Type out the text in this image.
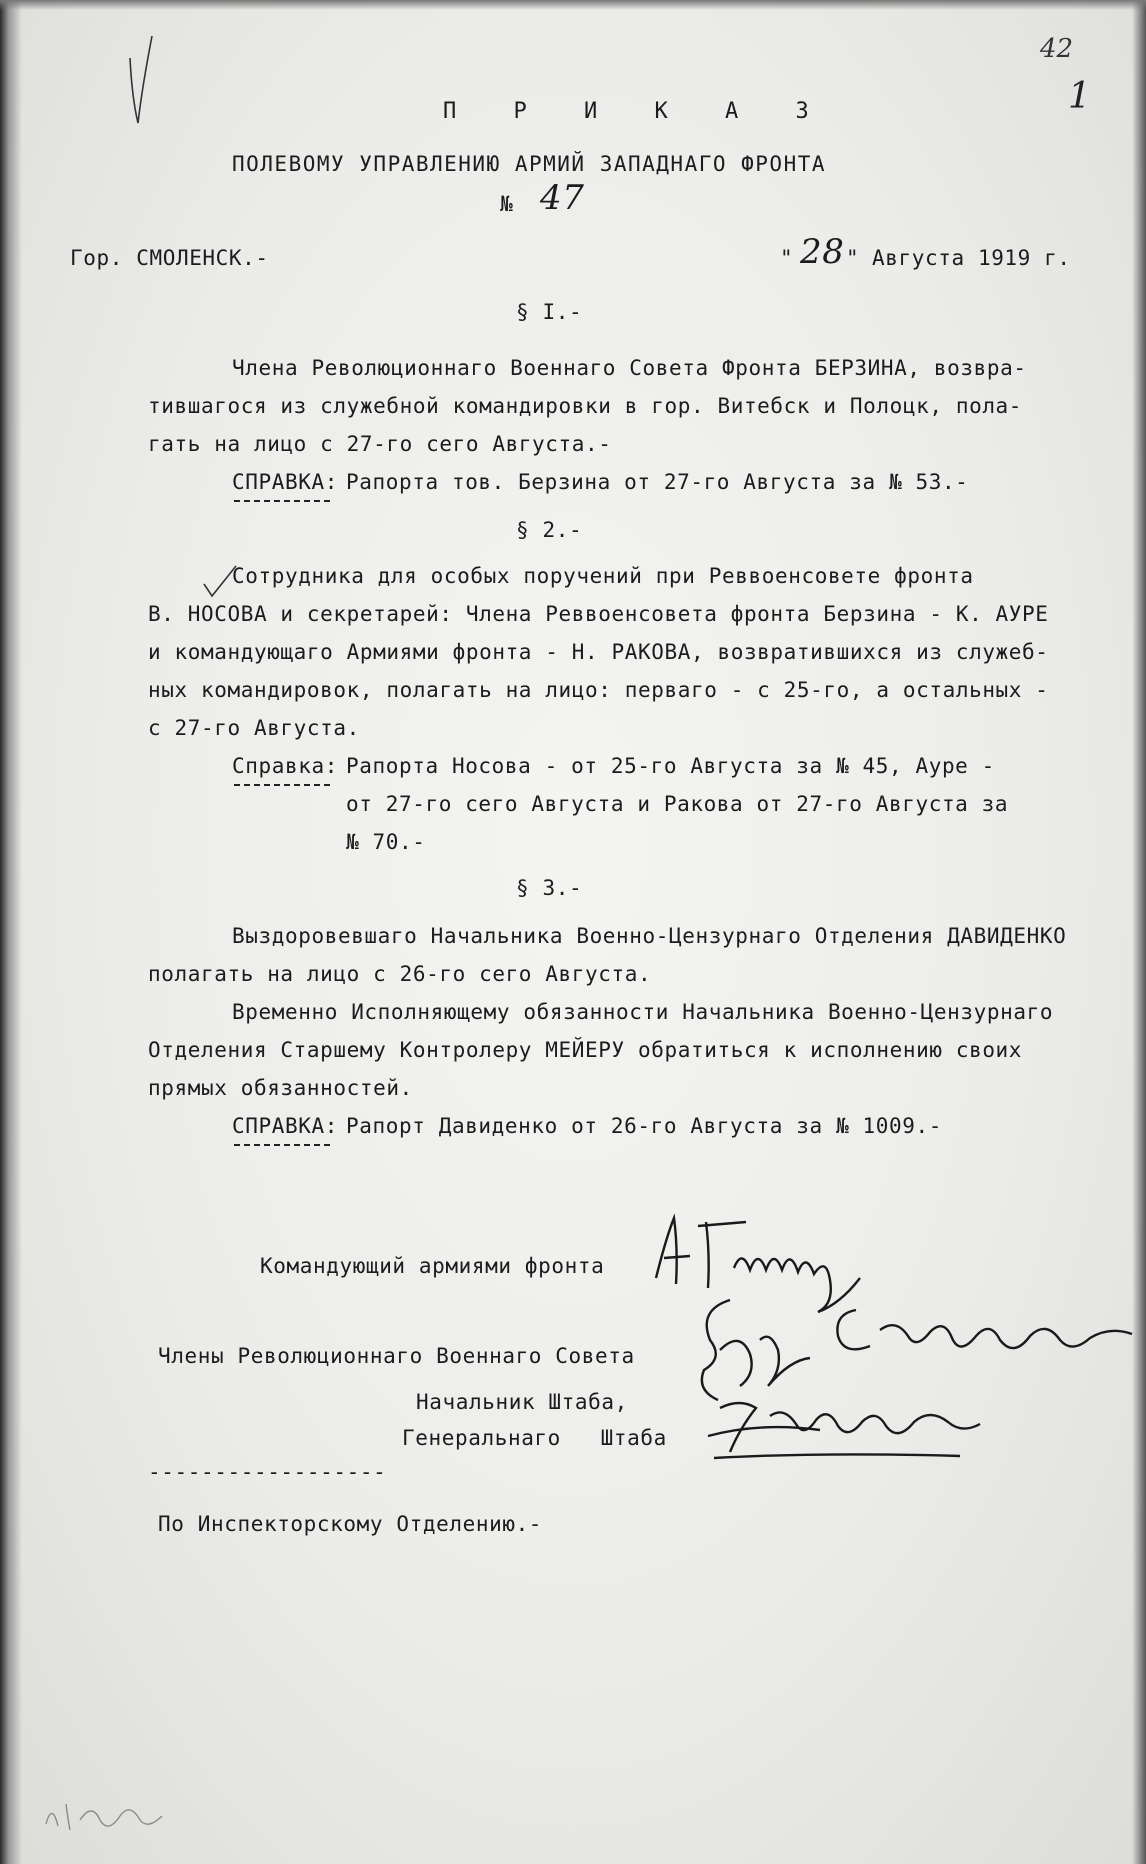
42
1
П Р И К А З
ПОЛЕВОМУ УПРАВЛЕНИЮ АРМИЙ ЗАПАДНАГО ФРОНТА
№ 47
Гор. СМОЛЕНСК.-	" 28 " Августа 1919 г.
§ I.-
Члена Революционнаго Военнаго Совета Фронта БЕРЗИНА, возвра-
тившагося из служебной командировки в гор. Витебск и Полоцк, пола-
гать на лицо с 27-го сего Августа.-
СПРАВКА: Рапорта тов. Берзина от 27-го Августа за № 53.-
§ 2.-
Сотрудника для особых поручений при Реввоенсовете фронта
В. НОСОВА и секретарей: Члена Реввоенсовета фронта Берзина - К. АУРЕ
и командующаго Армиями фронта - Н. РАКОВА, возвратившихся из служеб-
ных командировок, полагать на лицо: перваго - с 25-го, а остальных -
с 27-го Августа.
Справка: Рапорта Носова - от 25-го Августа за № 45, Ауре -
от 27-го сего Августа и Ракова от 27-го Августа за
№ 70.-
§ 3.-
Выздоровевшаго Начальника Военно-Цензурнаго Отделения ДАВИДЕНКО
полагать на лицо с 26-го сего Августа.
Временно Исполняющему обязанности Начальника Военно-Цензурнаго
Отделения Старшему Контролеру МЕЙЕРУ обратиться к исполнению своих
прямых обязанностей.
СПРАВКА: Рапорт Давиденко от 26-го Августа за № 1009.-
Командующий армиями фронта
Члены Революционнаго Военнаго Совета
Начальник Штаба,
Генеральнаго   Штаба
------------------
По Инспекторскому Отделению.-
